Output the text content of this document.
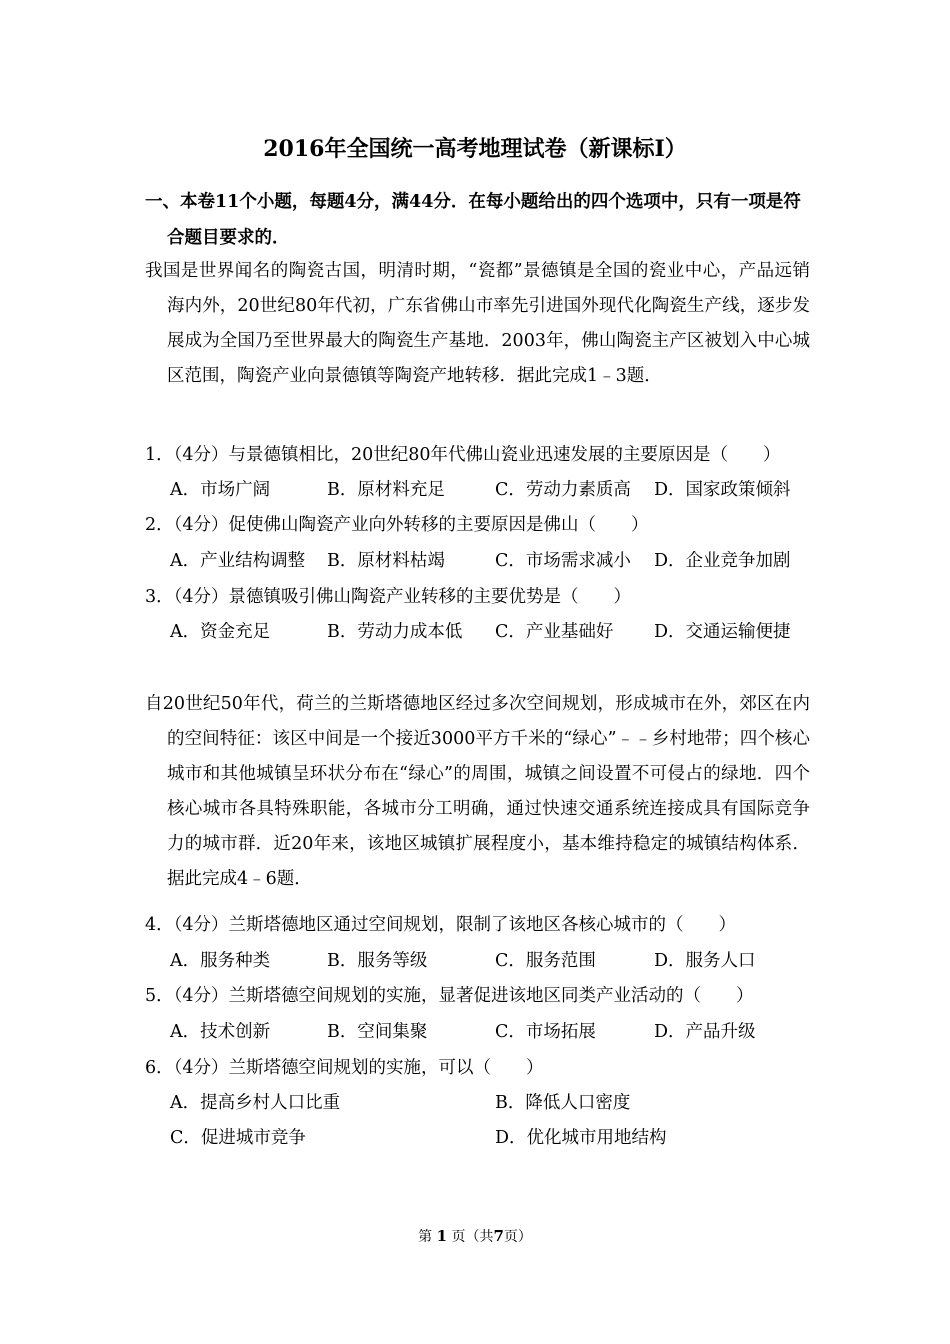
2016年全国统一高考地理试卷（新课标Ⅰ）
一、本卷11个小题，每题4分，满44分．在每小题给出的四个选项中，只有一项是符合题目要求的．
我国是世界闻名的陶瓷古国，明清时期，“瓷都”景德镇是全国的瓷业中心，产品远销海内外，20世纪80年代初，广东省佛山市率先引进国外现代化陶瓷生产线，逐步发展成为全国乃至世界最大的陶瓷生产基地．2003年，佛山陶瓷主产区被划入中心城区范围，陶瓷产业向景德镇等陶瓷产地转移．据此完成1﹣3题．
1．（4分）与景德镇相比，20世纪80年代佛山瓷业迅速发展的主要原因是（　　）
A．市场广阔	B．原材料充足	C．劳动力素质高 D．国家政策倾斜
2．（4分）促使佛山陶瓷产业向外转移的主要原因是佛山（　　）
A．产业结构调整 B．原材料枯竭	C．市场需求减小 D．企业竞争加剧
3．（4分）景德镇吸引佛山陶瓷产业转移的主要优势是（　　）
A．资金充足	B．劳动力成本低 C．产业基础好 D．交通运输便捷
自20世纪50年代，荷兰的兰斯塔德地区经过多次空间规划，形成城市在外，郊区在内的空间特征：该区中间是一个接近3000平方千米的“绿心”﹣﹣乡村地带；四个核心城市和其他城镇呈环状分布在“绿心”的周围，城镇之间设置不可侵占的绿地．四个核心城市各具特殊职能，各城市分工明确，通过快速交通系统连接成具有国际竞争力的城市群．近20年来，该地区城镇扩展程度小，基本维持稳定的城镇结构体系．据此完成4﹣6题．
4．（4分）兰斯塔德地区通过空间规划，限制了该地区各核心城市的（　　）
A．服务种类	B．服务等级	C．服务范围	D．服务人口
5．（4分）兰斯塔德空间规划的实施，显著促进该地区同类产业活动的（　　）
A．技术创新	B．空间集聚	C．市场拓展	D．产品升级
6．（4分）兰斯塔德空间规划的实施，可以（　　）
A．提高乡村人口比重	B．降低人口密度
C．促进城市竞争	D．优化城市用地结构
第 1 页（共7页）
